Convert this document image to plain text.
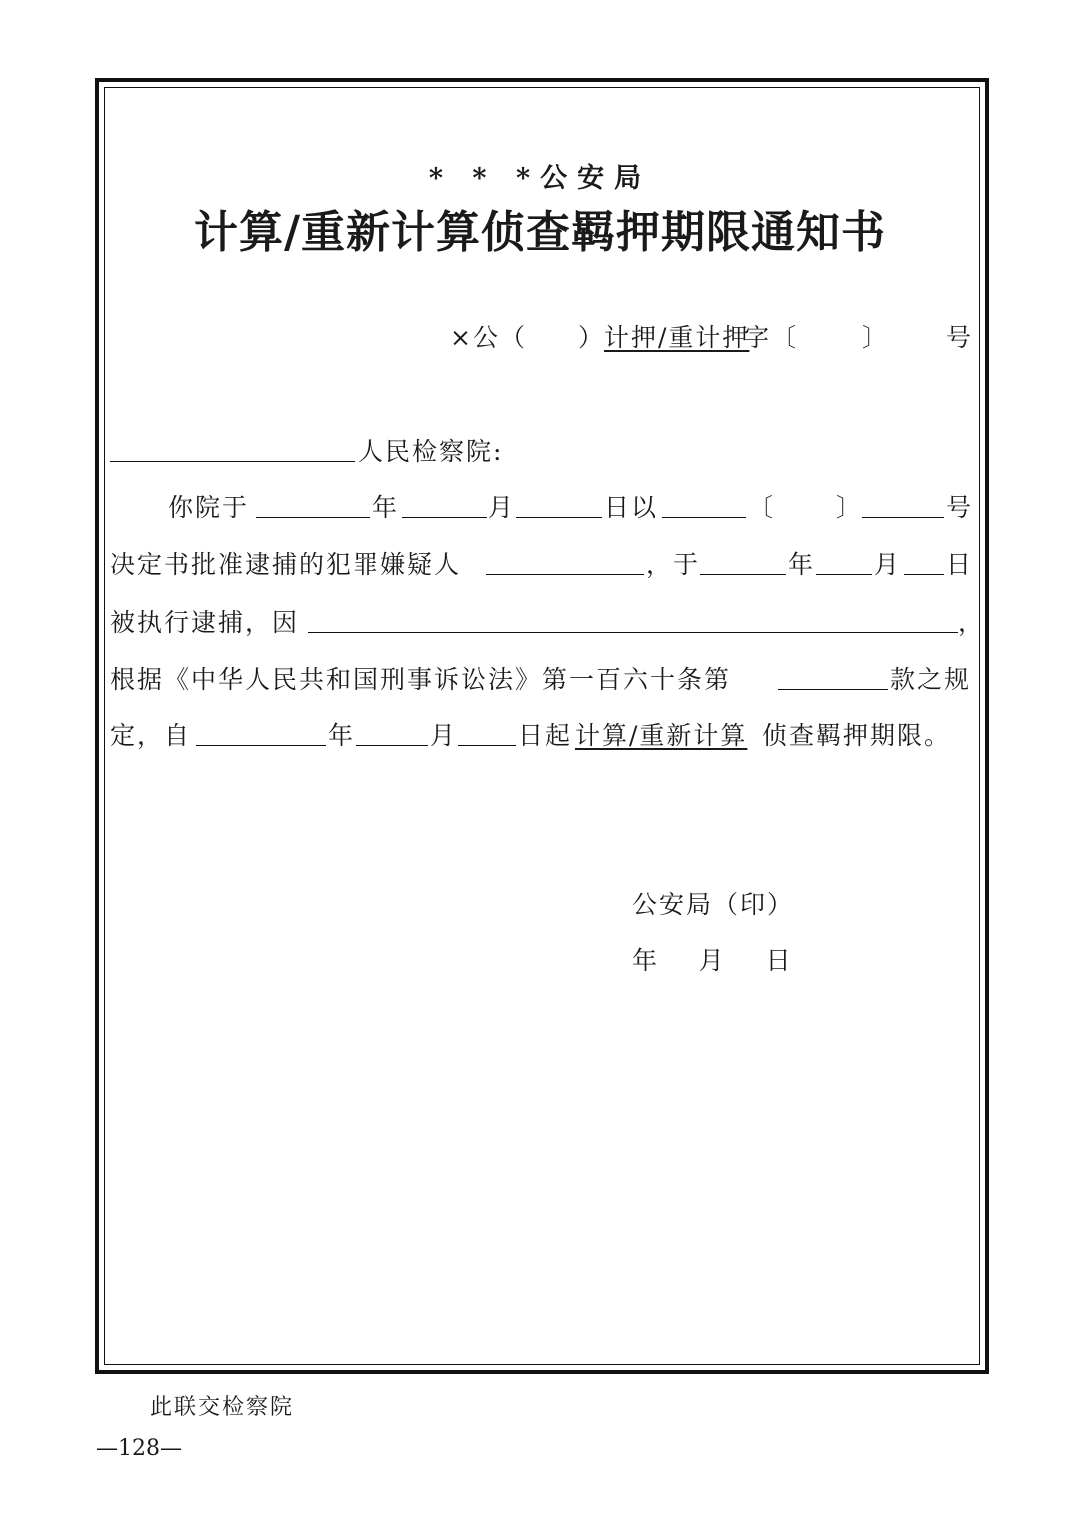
* * *公安局
计算/重新计算侦查羁押期限通知书
×公（ ）
计押/重计押
字〔	〕 号
人民检察院:
你院于	年	月	日以	〔 〕	号
决定书批准逮捕的犯罪嫌疑人	，于	年 月 日
被执行逮捕，因	，
根据《中华人民共和国刑事诉讼法》第一百六十条第	款之规
定，自	年	月 日起 计算/重新计算 侦查羁押期限。
公安局（印）
年    月    日
此联交检察院
—128—
